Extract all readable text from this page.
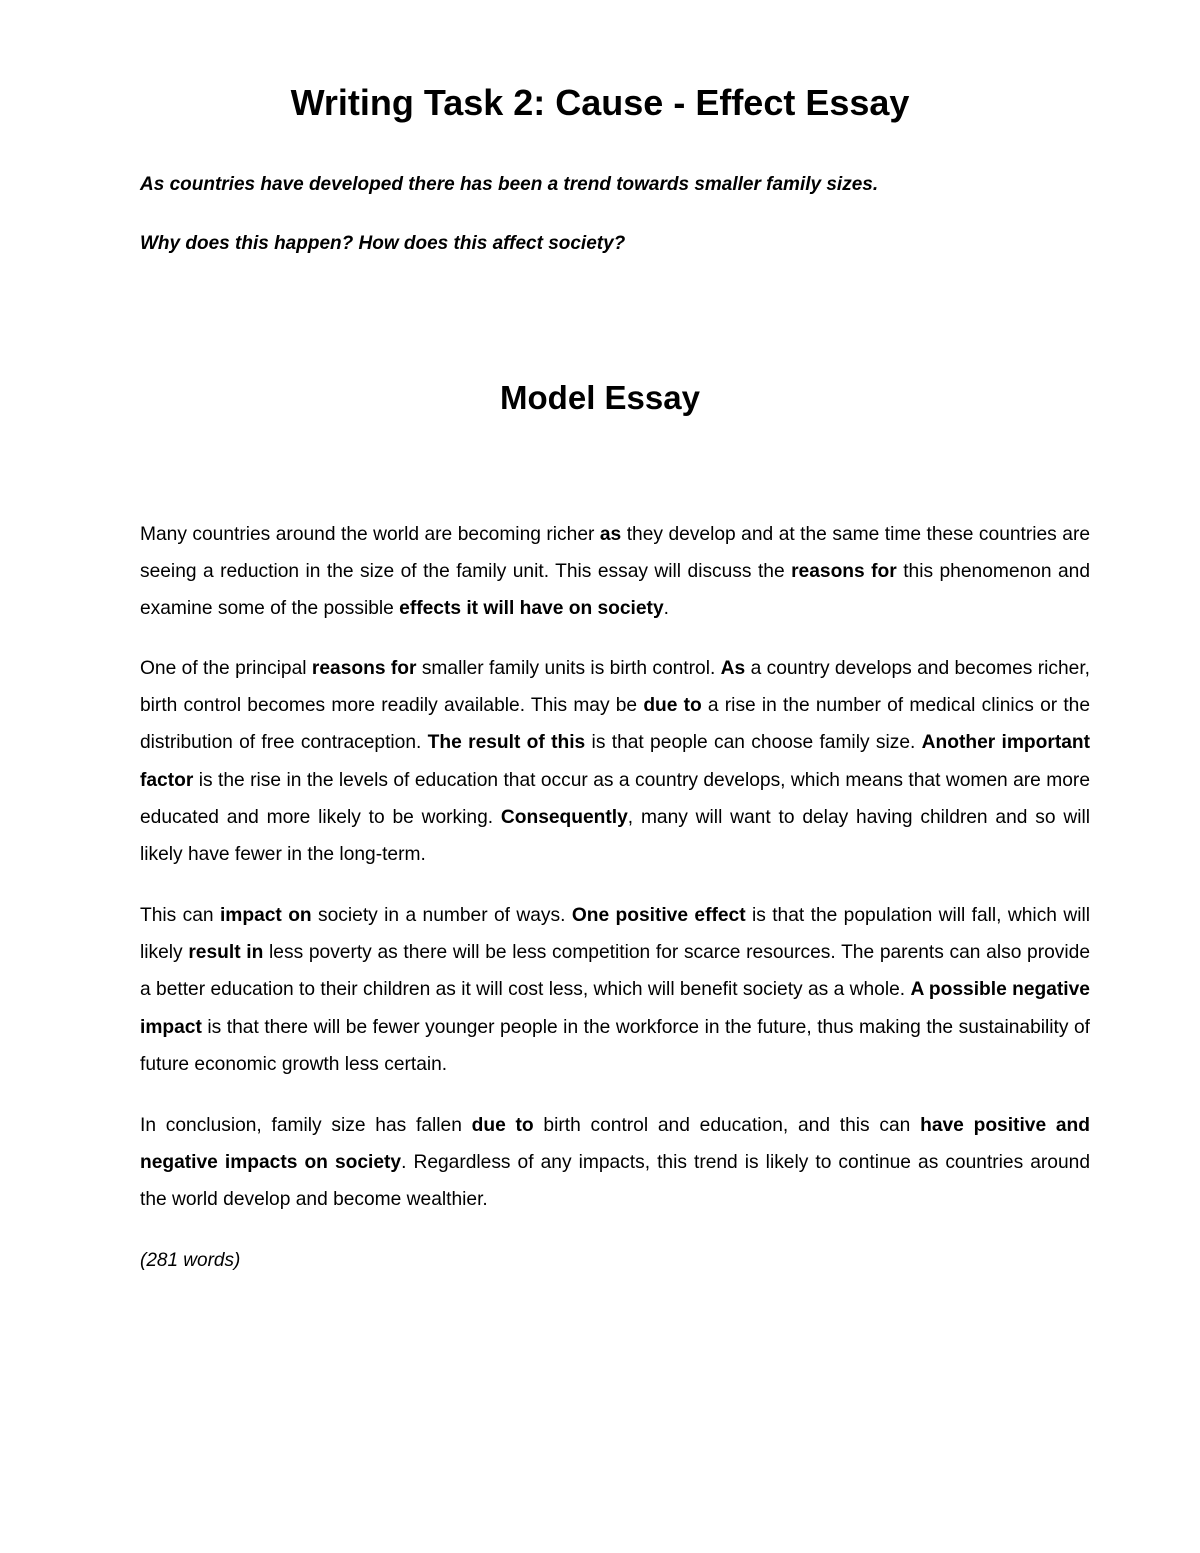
Writing Task 2: Cause - Effect Essay

As countries have developed there has been a trend towards smaller family sizes.

Why does this happen? How does this affect society?

Model Essay

Many countries around the world are becoming richer as they develop and at the same time these countries are seeing a reduction in the size of the family unit. This essay will discuss the reasons for this phenomenon and examine some of the possible effects it will have on society.

One of the principal reasons for smaller family units is birth control. As a country develops and becomes richer, birth control becomes more readily available. This may be due to a rise in the number of medical clinics or the distribution of free contraception. The result of this is that people can choose family size. Another important factor is the rise in the levels of education that occur as a country develops, which means that women are more educated and more likely to be working. Consequently, many will want to delay having children and so will likely have fewer in the long-term.

This can impact on society in a number of ways. One positive effect is that the population will fall, which will likely result in less poverty as there will be less competition for scarce resources. The parents can also provide a better education to their children as it will cost less, which will benefit society as a whole. A possible negative impact is that there will be fewer younger people in the workforce in the future, thus making the sustainability of future economic growth less certain.

In conclusion, family size has fallen due to birth control and education, and this can have positive and negative impacts on society. Regardless of any impacts, this trend is likely to continue as countries around the world develop and become wealthier.

(281 words)
